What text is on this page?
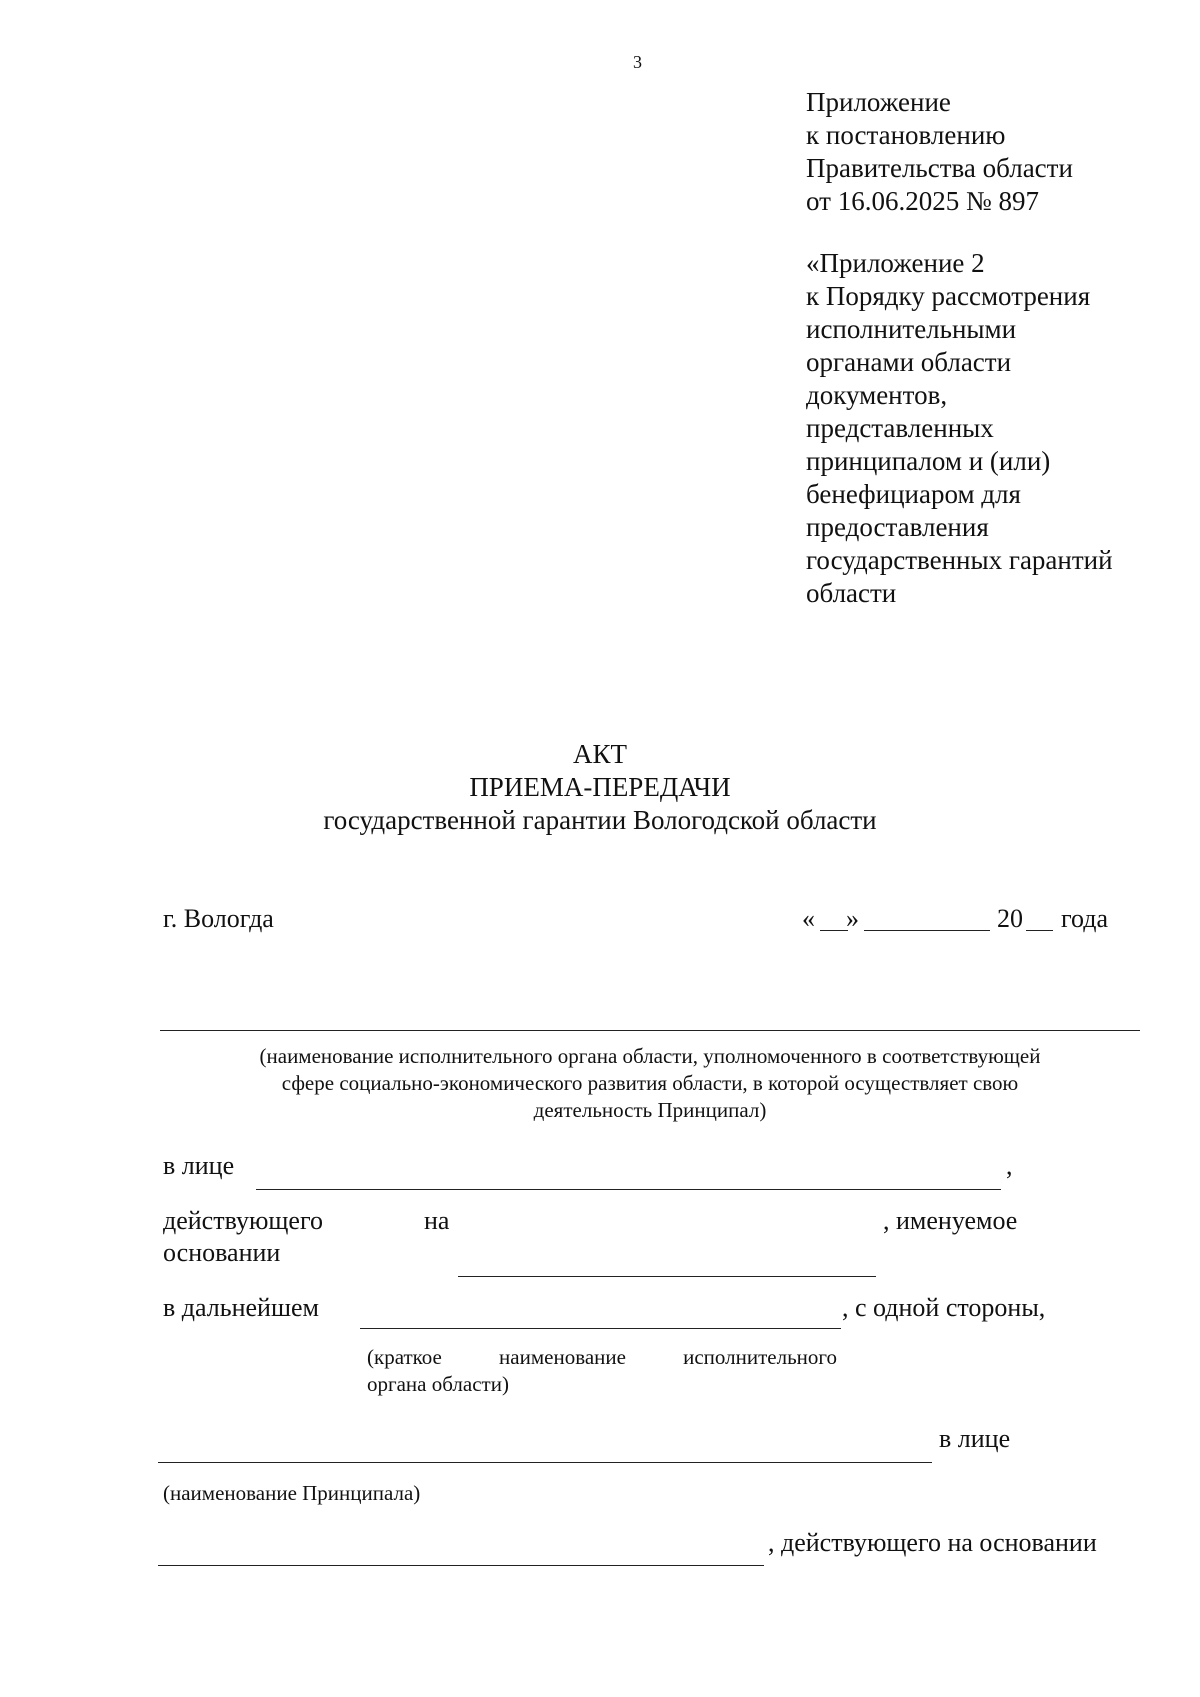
3
Приложение
к постановлению
Правительства области
от 16.06.2025 № 897
«Приложение 2
к Порядку рассмотрения
исполнительными
органами области
документов,
представленных
принципалом и (или)
бенефициаром для
предоставления
государственных гарантий
области
АКТ
ПРИЕМА-ПЕРЕДАЧИ
государственной гарантии Вологодской области
г. Вологда	« »	20 года
(наименование исполнительного органа области, уполномоченного в соответствующей
сфере социально-экономического развития области, в которой осуществляет свою
деятельность Принципал)
в лице	,
действующего	на	, именуемое
основании
в дальнейшем	, с одной стороны,
(краткое	наименование	исполнительного
органа области)
в лице
(наименование Принципала)
, действующего на основании
